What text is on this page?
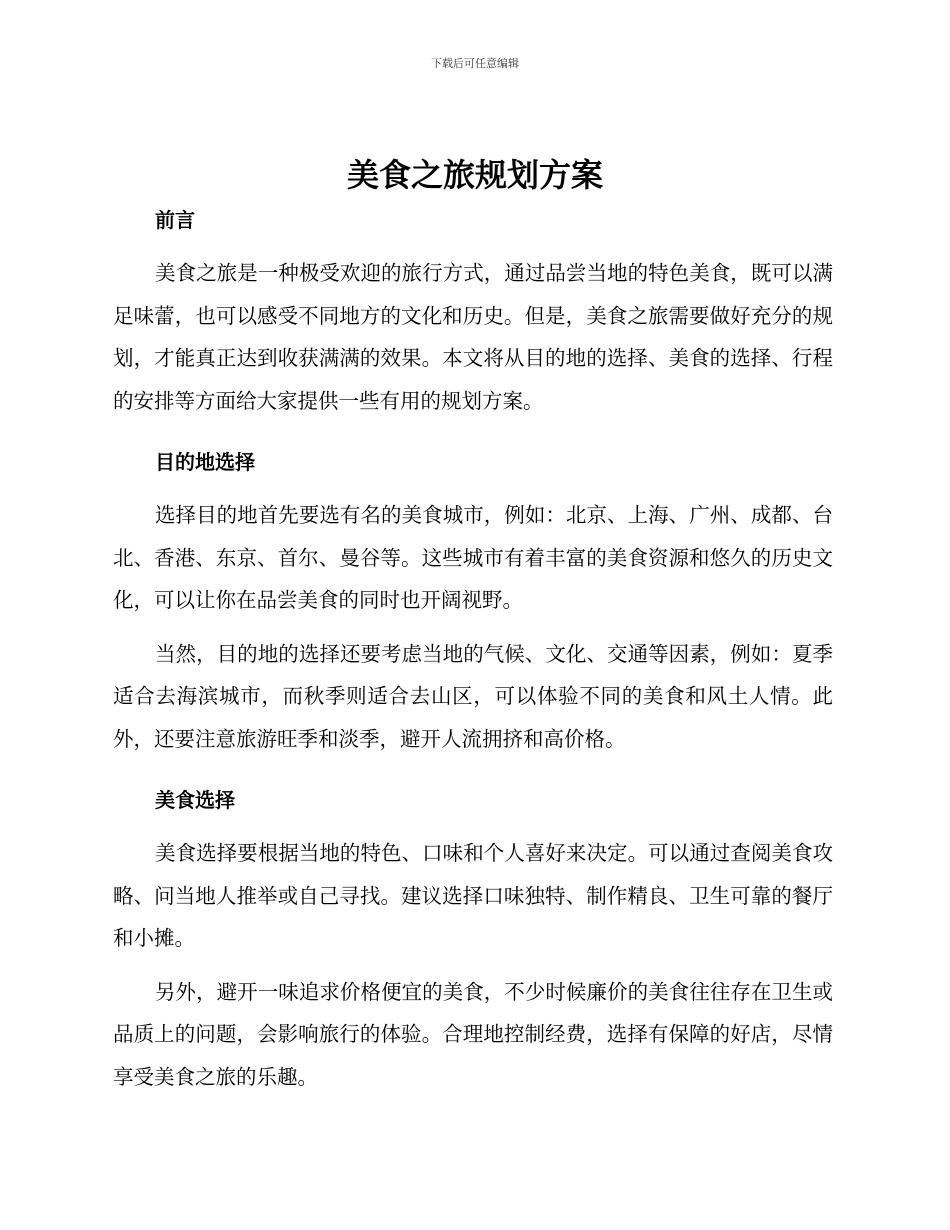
下载后可任意编辑
美食之旅规划方案
前言

美食之旅是一种极受欢迎的旅行方式，通过品尝当地的特色美食，既可以满足味蕾，也可以感受不同地方的文化和历史。但是，美食之旅需要做好充分的规划，才能真正达到收获满满的效果。本文将从目的地的选择、美食的选择、行程的安排等方面给大家提供一些有用的规划方案。

目的地选择

选择目的地首先要选有名的美食城市，例如：北京、上海、广州、成都、台北、香港、东京、首尔、曼谷等。这些城市有着丰富的美食资源和悠久的历史文化，可以让你在品尝美食的同时也开阔视野。

当然，目的地的选择还要考虑当地的气候、文化、交通等因素，例如：夏季适合去海滨城市，而秋季则适合去山区，可以体验不同的美食和风土人情。此外，还要注意旅游旺季和淡季，避开人流拥挤和高价格。

美食选择

美食选择要根据当地的特色、口味和个人喜好来决定。可以通过查阅美食攻略、问当地人推举或自己寻找。建议选择口味独特、制作精良、卫生可靠的餐厅和小摊。

另外，避开一味追求价格便宜的美食，不少时候廉价的美食往往存在卫生或品质上的问题，会影响旅行的体验。合理地控制经费，选择有保障的好店，尽情享受美食之旅的乐趣。
